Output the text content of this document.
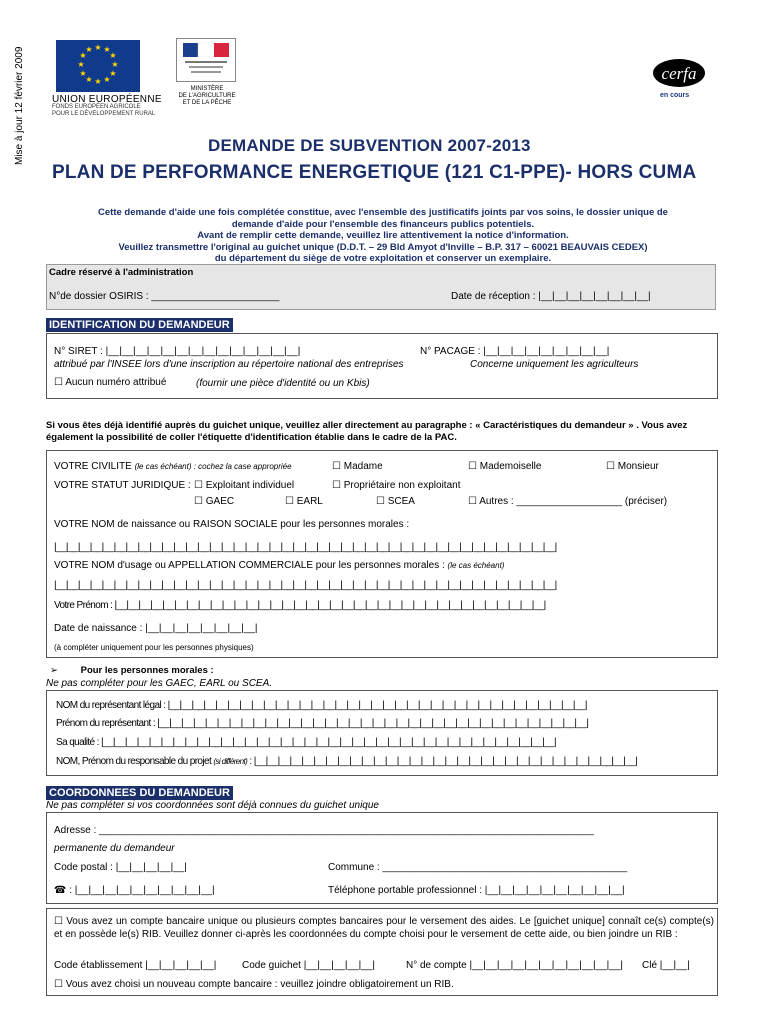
Mise à jour 12 février 2009	★ ★
★
★
★
★
★
★
★
★
★
★
UNION EUROPÉENNE
FONDS EUROPÉEN AGRICOLE
POUR LE DÉVELOPPEMENT RURAL
MINISTÈRE
DE L'AGRICULTURE
ET DE LA PÊCHE
cerfa
en cours
DEMANDE DE SUBVENTION 2007-2013
PLAN DE PERFORMANCE ENERGETIQUE (121 C1-PPE)- HORS CUMA
Cette demande d'aide une fois complétée constitue, avec l'ensemble des justificatifs joints par vos soins, le dossier unique de
demande d'aide pour l'ensemble des financeurs publics potentiels.
Avant de remplir cette demande, veuillez lire attentivement la notice d'information.
Veuillez transmettre l'original au guichet unique (D.D.T. – 29 Bld Amyot d'Inville – B.P. 317 – 60021 BEAUVAIS CEDEX)
du département du siège de votre exploitation et conserver un exemplaire.
Cadre réservé à l'administration
N°de dossier OSIRIS : _______________________	Date de réception : |__|__|__|__|__|__|__|__|
IDENTIFICATION DU DEMANDEUR
N° SIRET : |__|__|__|__|__|__|__|__|__|__|__|__|__|__|
attribué par l'INSEE lors d'une inscription au répertoire national des entreprises
N° PACAGE : |__|__|__|__|__|__|__|__|__|
Concerne uniquement les agriculteurs
☐ Aucun numéro attribué	(fournir une pièce d'identité ou un Kbis)
Si vous êtes déjà identifié auprès du guichet unique, veuillez aller directement au paragraphe : « Caractéristiques du demandeur » . Vous avez également la possibilité de coller l'étiquette d'identification établie dans le cadre de la PAC.
VOTRE CIVILITE (le cas échéant) : cochez la case appropriée	☐ Madame	☐ Mademoiselle	☐ Monsieur
VOTRE STATUT JURIDIQUE : ☐ Exploitant individuel	☐ Propriétaire non exploitant
☐ GAEC	☐ EARL	☐ SCEA	☐ Autres : ___________________ (préciser)
VOTRE NOM de naissance ou RAISON SOCIALE pour les personnes morales :
|__|__|__|__|__|__|__|__|__|__|__|__|__|__|__|__|__|__|__|__|__|__|__|__|__|__|__|__|__|__|__|__|__|__|__|__|__|__|__|__|__|__|
VOTRE NOM d'usage ou APPELLATION COMMERCIALE pour les personnes morales : (le cas échéant)
|__|__|__|__|__|__|__|__|__|__|__|__|__|__|__|__|__|__|__|__|__|__|__|__|__|__|__|__|__|__|__|__|__|__|__|__|__|__|__|__|__|__|
Votre Prénom : |__|__|__|__|__|__|__|__|__|__|__|__|__|__|__|__|__|__|__|__|__|__|__|__|__|__|__|__|__|__|__|__|__|__|__|__|
Date de naissance : |__|__|__|__|__|__|__|__|
(à compléter uniquement pour les personnes physiques)
➢ Pour les personnes morales :
Ne pas compléter pour les GAEC, EARL ou SCEA.
NOM du représentant légal : |__|__|__|__|__|__|__|__|__|__|__|__|__|__|__|__|__|__|__|__|__|__|__|__|__|__|__|__|__|__|__|__|__|__|__|
Prénom du représentant : |__|__|__|__|__|__|__|__|__|__|__|__|__|__|__|__|__|__|__|__|__|__|__|__|__|__|__|__|__|__|__|__|__|__|__|__|
Sa qualité : |__|__|__|__|__|__|__|__|__|__|__|__|__|__|__|__|__|__|__|__|__|__|__|__|__|__|__|__|__|__|__|__|__|__|__|__|__|__|
NOM, Prénom du responsable du projet (si différent) : |__|__|__|__|__|__|__|__|__|__|__|__|__|__|__|__|__|__|__|__|__|__|__|__|__|__|__|__|__|__|__|__|
COORDONNEES DU DEMANDEUR
Ne pas compléter si vos coordonnées sont déjà connues du guichet unique
Adresse : _________________________________________________________________________________________
permanente du demandeur
Code postal : |__|__|__|__|__|	Commune : ____________________________________________
☎ : |__|__|__|__|__|__|__|__|__|__|	Téléphone portable professionnel : |__|__|__|__|__|__|__|__|__|__|
☐ Vous avez un compte bancaire unique ou plusieurs comptes bancaires pour le versement des aides. Le [guichet unique] connaît ce(s) compte(s) et en possède le(s) RIB. Veuillez donner ci-après les coordonnées du compte choisi pour le versement de cette aide, ou bien joindre un RIB :
Code établissement |__|__|__|__|__|	Code guichet |__|__|__|__|__|	N° de compte |__|__|__|__|__|__|__|__|__|__|__| Clé |__|__|
☐ Vous avez choisi un nouveau compte bancaire : veuillez joindre obligatoirement un RIB.
